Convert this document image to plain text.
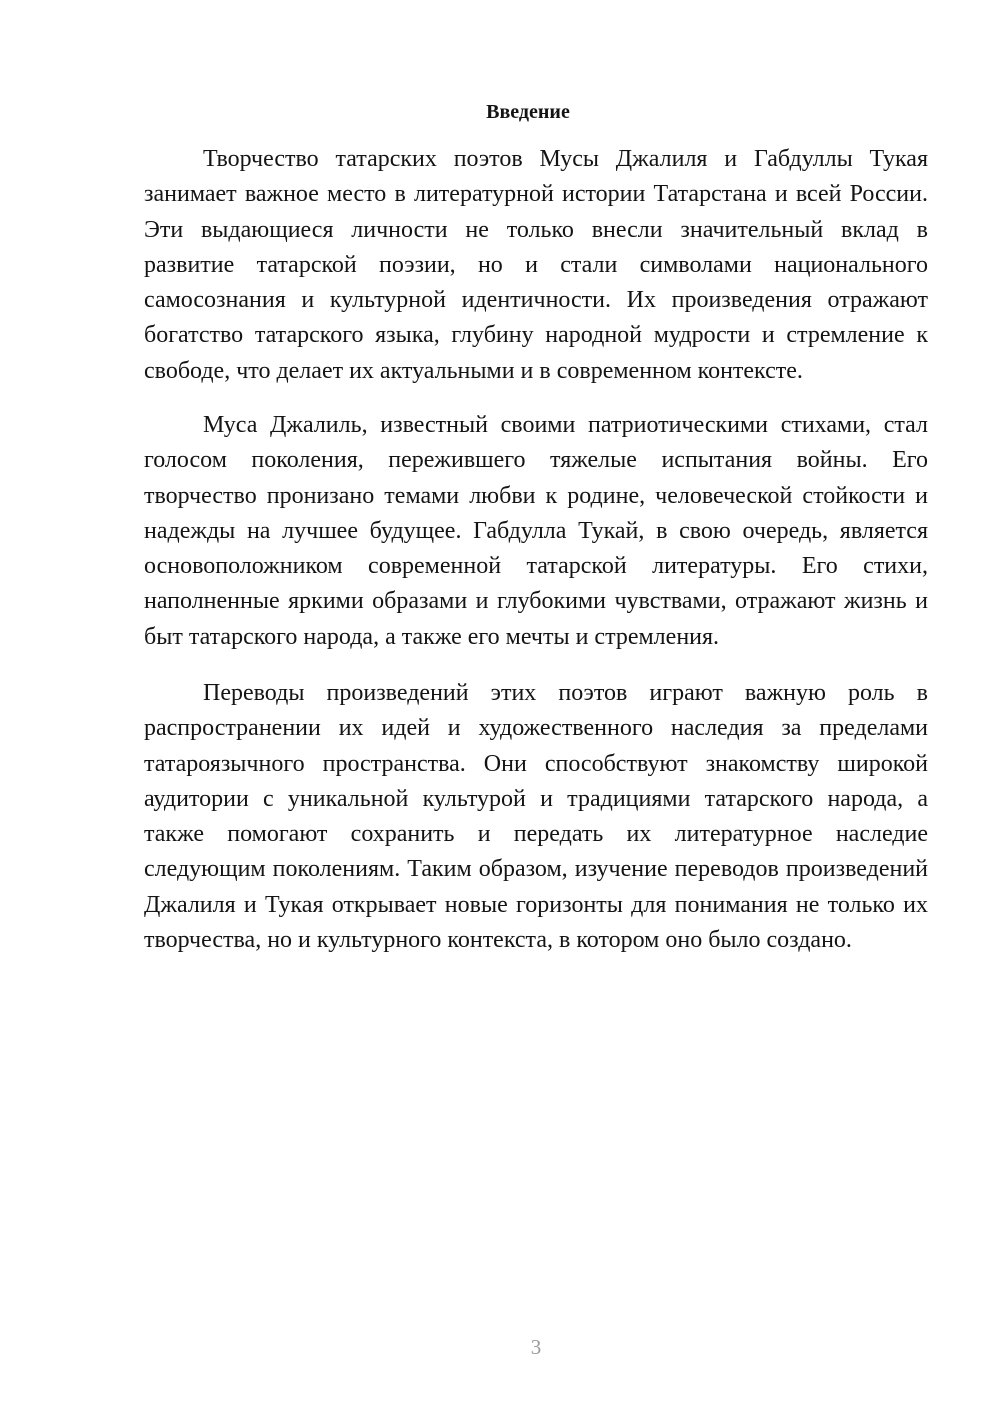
Введение

Творчество татарских поэтов Мусы Джалиля и Габдуллы Тукая занимает важное место в литературной истории Татарстана и всей России. Эти выдающиеся личности не только внесли значительный вклад в развитие татарской поэзии, но и стали символами национального самосознания и культурной идентичности. Их произведения отражают богатство татарского языка, глубину народной мудрости и стремление к свободе, что делает их актуальными и в современном контексте.

Муса Джалиль, известный своими патриотическими стихами, стал голосом поколения, пережившего тяжелые испытания войны. Его творчество пронизано темами любви к родине, человеческой стойкости и надежды на лучшее будущее. Габдулла Тукай, в свою очередь, является основоположником современной татарской литературы. Его стихи, наполненные яркими образами и глубокими чувствами, отражают жизнь и быт татарского народа, а также его мечты и стремления.

Переводы произведений этих поэтов играют важную роль в распространении их идей и художественного наследия за пределами татароязычного пространства. Они способствуют знакомству широкой аудитории с уникальной культурой и традициями татарского народа, а также помогают сохранить и передать их литературное наследие следующим поколениям. Таким образом, изучение переводов произведений Джалиля и Тукая открывает новые горизонты для понимания не только их творчества, но и культурного контекста, в котором оно было создано.

3
